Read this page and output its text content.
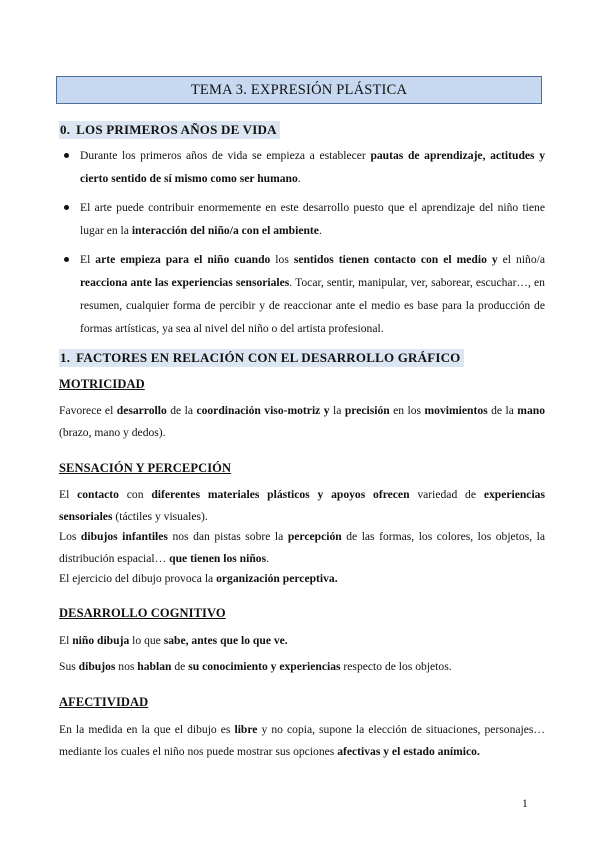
TEMA 3. EXPRESIÓN PLÁSTICA
0. LOS PRIMEROS AÑOS DE VIDA
Durante los primeros años de vida se empieza a establecer pautas de aprendizaje, actitudes y cierto sentido de sí mismo como ser humano.
El arte puede contribuir enormemente en este desarrollo puesto que el aprendizaje del niño tiene lugar en la interacción del niño/a con el ambiente.
El arte empieza para el niño cuando los sentidos tienen contacto con el medio y el niño/a reacciona ante las experiencias sensoriales. Tocar, sentir, manipular, ver, saborear, escuchar…, en resumen, cualquier forma de percibir y de reaccionar ante el medio es base para la producción de formas artísticas, ya sea al nivel del niño o del artista profesional.
1. FACTORES EN RELACIÓN CON EL DESARROLLO GRÁFICO
MOTRICIDAD

Favorece el desarrollo de la coordinación viso-motriz y la precisión en los movimientos de la mano (brazo, mano y dedos).

SENSACIÓN Y PERCEPCIÓN

El contacto con diferentes materiales plásticos y apoyos ofrecen variedad de experiencias sensoriales (táctiles y visuales).

Los dibujos infantiles nos dan pistas sobre la percepción de las formas, los colores, los objetos, la distribución espacial… que tienen los niños.

El ejercicio del dibujo provoca la organización perceptiva.

DESARROLLO COGNITIVO

El niño dibuja lo que sabe, antes que lo que ve.

Sus dibujos nos hablan de su conocimiento y experiencias respecto de los objetos.

AFECTIVIDAD

En la medida en la que el dibujo es libre y no copia, supone la elección de situaciones, personajes… mediante los cuales el niño nos puede mostrar sus opciones afectivas y el estado anímico.

1
